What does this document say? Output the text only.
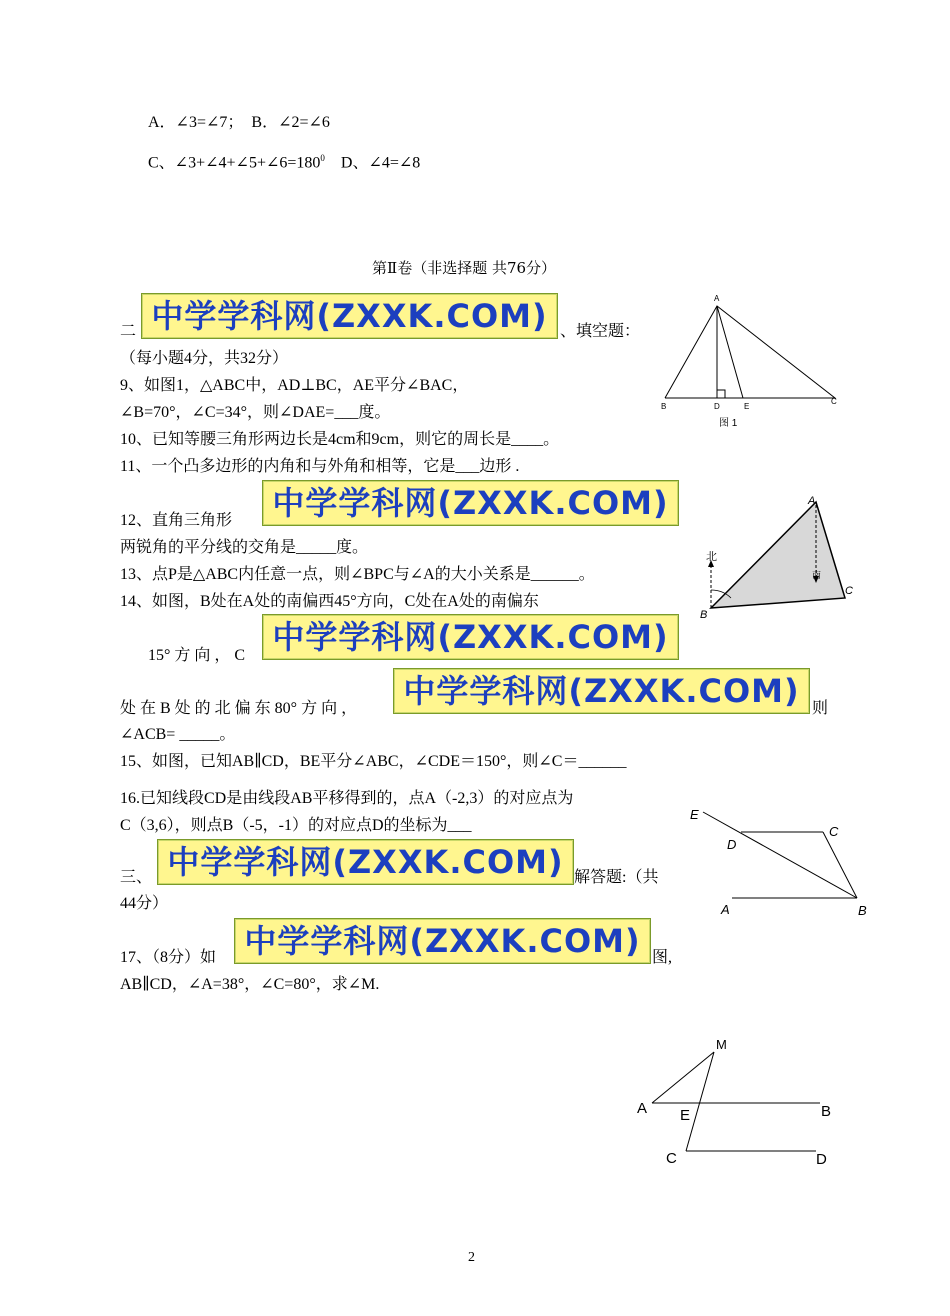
A．∠3=∠7；　B．∠2=∠6
C、$\angle 3+\angle 4+\angle 5+\angle 6=180^0$　D、∠4=∠8
第Ⅱ卷（非选择题 共76分）
二 中学学科网(ZXXK.COM) 、填空题：
（每小题4分，共32分）
9、如图1，△ABC中，AD⊥BC，AE平分∠BAC，
∠B=70°，∠C=34°，则∠DAE=___度。
A
B	D	E
C
图 1
10、已知等腰三角形两边长是4cm和9cm，则它的周长是____。
11、一个凸多边形的内角和与外角和相等，它是___边形 .
12、直角三角形	中学学科网(ZXXK.COM)
两锐角的平分线的交角是_____度。
A
B
C
北
南
13、点P是△ABC内任意一点，则∠BPC与∠A的大小关系是______。
14、如图，B处在A处的南偏西45°方向，C处在A处的南偏东
15° 方 向 ， C 中学学科网(ZXXK.COM)
处 在 B 处 的 北 偏 东 80° 方 向 ，	中学学科网(ZXXK.COM) 则
∠ACB= _____。
15、如图，已知AB∥CD，BE平分∠ABC，∠CDE＝150°，则∠C＝______
16.已知线段CD是由线段AB平移得到的，点A（-2,3）的对应点为
C（3,6），则点B（-5，-1）的对应点D的坐标为___
E
D
C
A	B
三、 中学学科网(ZXXK.COM) 解答题:（共
44分）
17、（8分）如 中学学科网(ZXXK.COM) 图,
AB∥CD，∠A=38°，∠C=80°，求∠M.
M
A E	B
C	D
2
